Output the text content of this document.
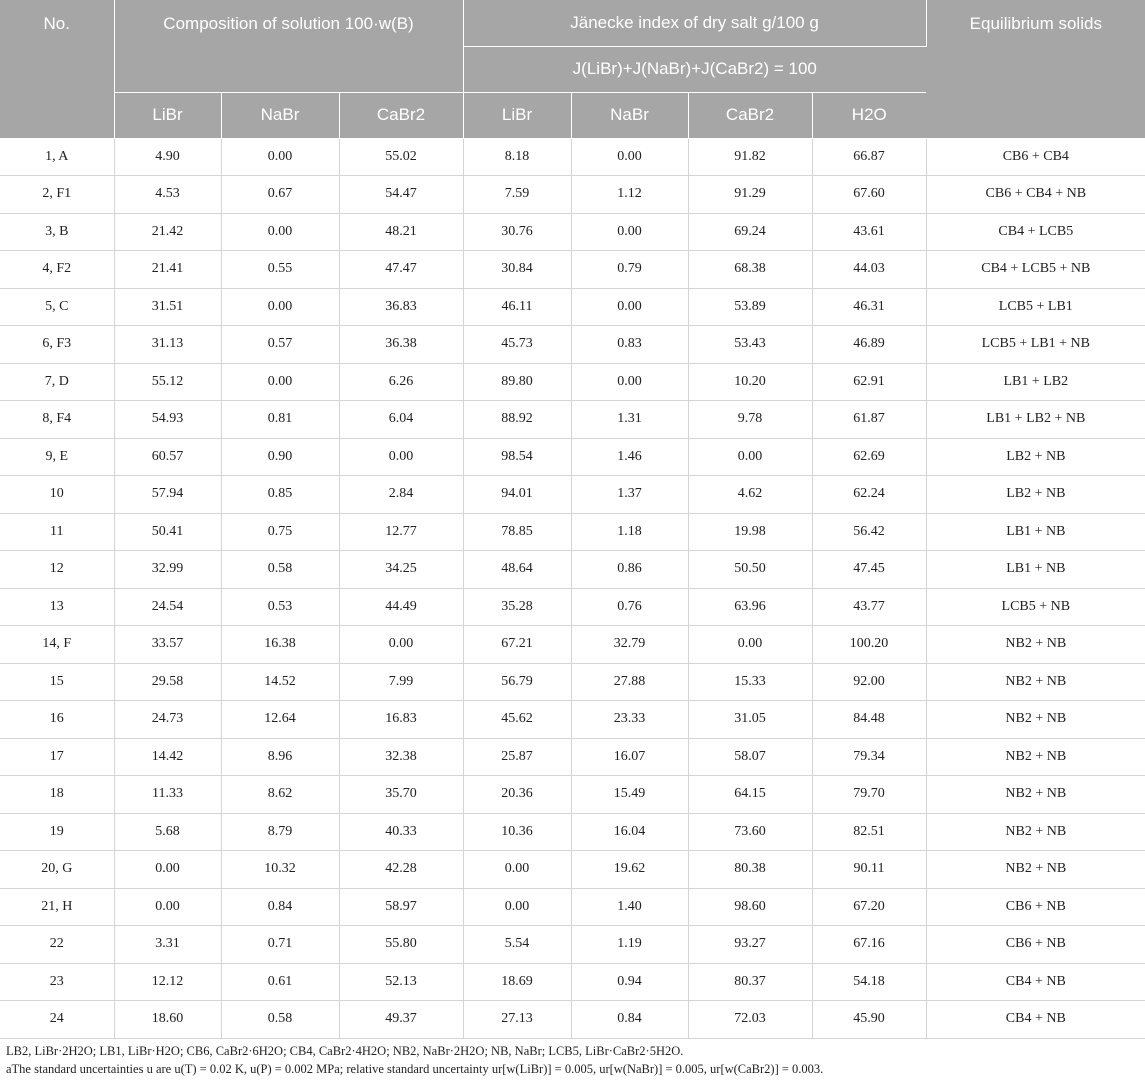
No.	Composition of solution 100·w(B)			Jänecke index of dry salt g/100 g				Equilibrium solids
				J(LiBr)+J(NaBr)+J(CaBr2) = 100				
	LiBr	NaBr	CaBr2	LiBr	NaBr	CaBr2	H2O	
1, A	4.90	0.00	55.02	8.18	0.00	91.82	66.87	CB6 + CB4
2, F1	4.53	0.67	54.47	7.59	1.12	91.29	67.60	CB6 + CB4 + NB
3, B	21.42	0.00	48.21	30.76	0.00	69.24	43.61	CB4 + LCB5
4, F2	21.41	0.55	47.47	30.84	0.79	68.38	44.03	CB4 + LCB5 + NB
5, C	31.51	0.00	36.83	46.11	0.00	53.89	46.31	LCB5 + LB1
6, F3	31.13	0.57	36.38	45.73	0.83	53.43	46.89	LCB5 + LB1 + NB
7, D	55.12	0.00	6.26	89.80	0.00	10.20	62.91	LB1 + LB2
8, F4	54.93	0.81	6.04	88.92	1.31	9.78	61.87	LB1 + LB2 + NB
9, E	60.57	0.90	0.00	98.54	1.46	0.00	62.69	LB2 + NB
10	57.94	0.85	2.84	94.01	1.37	4.62	62.24	LB2 + NB
11	50.41	0.75	12.77	78.85	1.18	19.98	56.42	LB1 + NB
12	32.99	0.58	34.25	48.64	0.86	50.50	47.45	LB1 + NB
13	24.54	0.53	44.49	35.28	0.76	63.96	43.77	LCB5 + NB
14, F	33.57	16.38	0.00	67.21	32.79	0.00	100.20	NB2 + NB
15	29.58	14.52	7.99	56.79	27.88	15.33	92.00	NB2 + NB
16	24.73	12.64	16.83	45.62	23.33	31.05	84.48	NB2 + NB
17	14.42	8.96	32.38	25.87	16.07	58.07	79.34	NB2 + NB
18	11.33	8.62	35.70	20.36	15.49	64.15	79.70	NB2 + NB
19	5.68	8.79	40.33	10.36	16.04	73.60	82.51	NB2 + NB
20, G	0.00	10.32	42.28	0.00	19.62	80.38	90.11	NB2 + NB
21, H	0.00	0.84	58.97	0.00	1.40	98.60	67.20	CB6 + NB
22	3.31	0.71	55.80	5.54	1.19	93.27	67.16	CB6 + NB
23	12.12	0.61	52.13	18.69	0.94	80.37	54.18	CB4 + NB
24	18.60	0.58	49.37	27.13	0.84	72.03	45.90	CB4 + NB

LB2, LiBr·2H2O; LB1, LiBr·H2O; CB6, CaBr2·6H2O; CB4, CaBr2·4H2O; NB2, NaBr·2H2O; NB, NaBr; LCB5, LiBr·CaBr2·5H2O.

aThe standard uncertainties u are u(T) = 0.02 K, u(P) = 0.002 MPa; relative standard uncertainty ur[w(LiBr)] = 0.005, ur[w(NaBr)] = 0.005, ur[w(CaBr2)] = 0.003.
